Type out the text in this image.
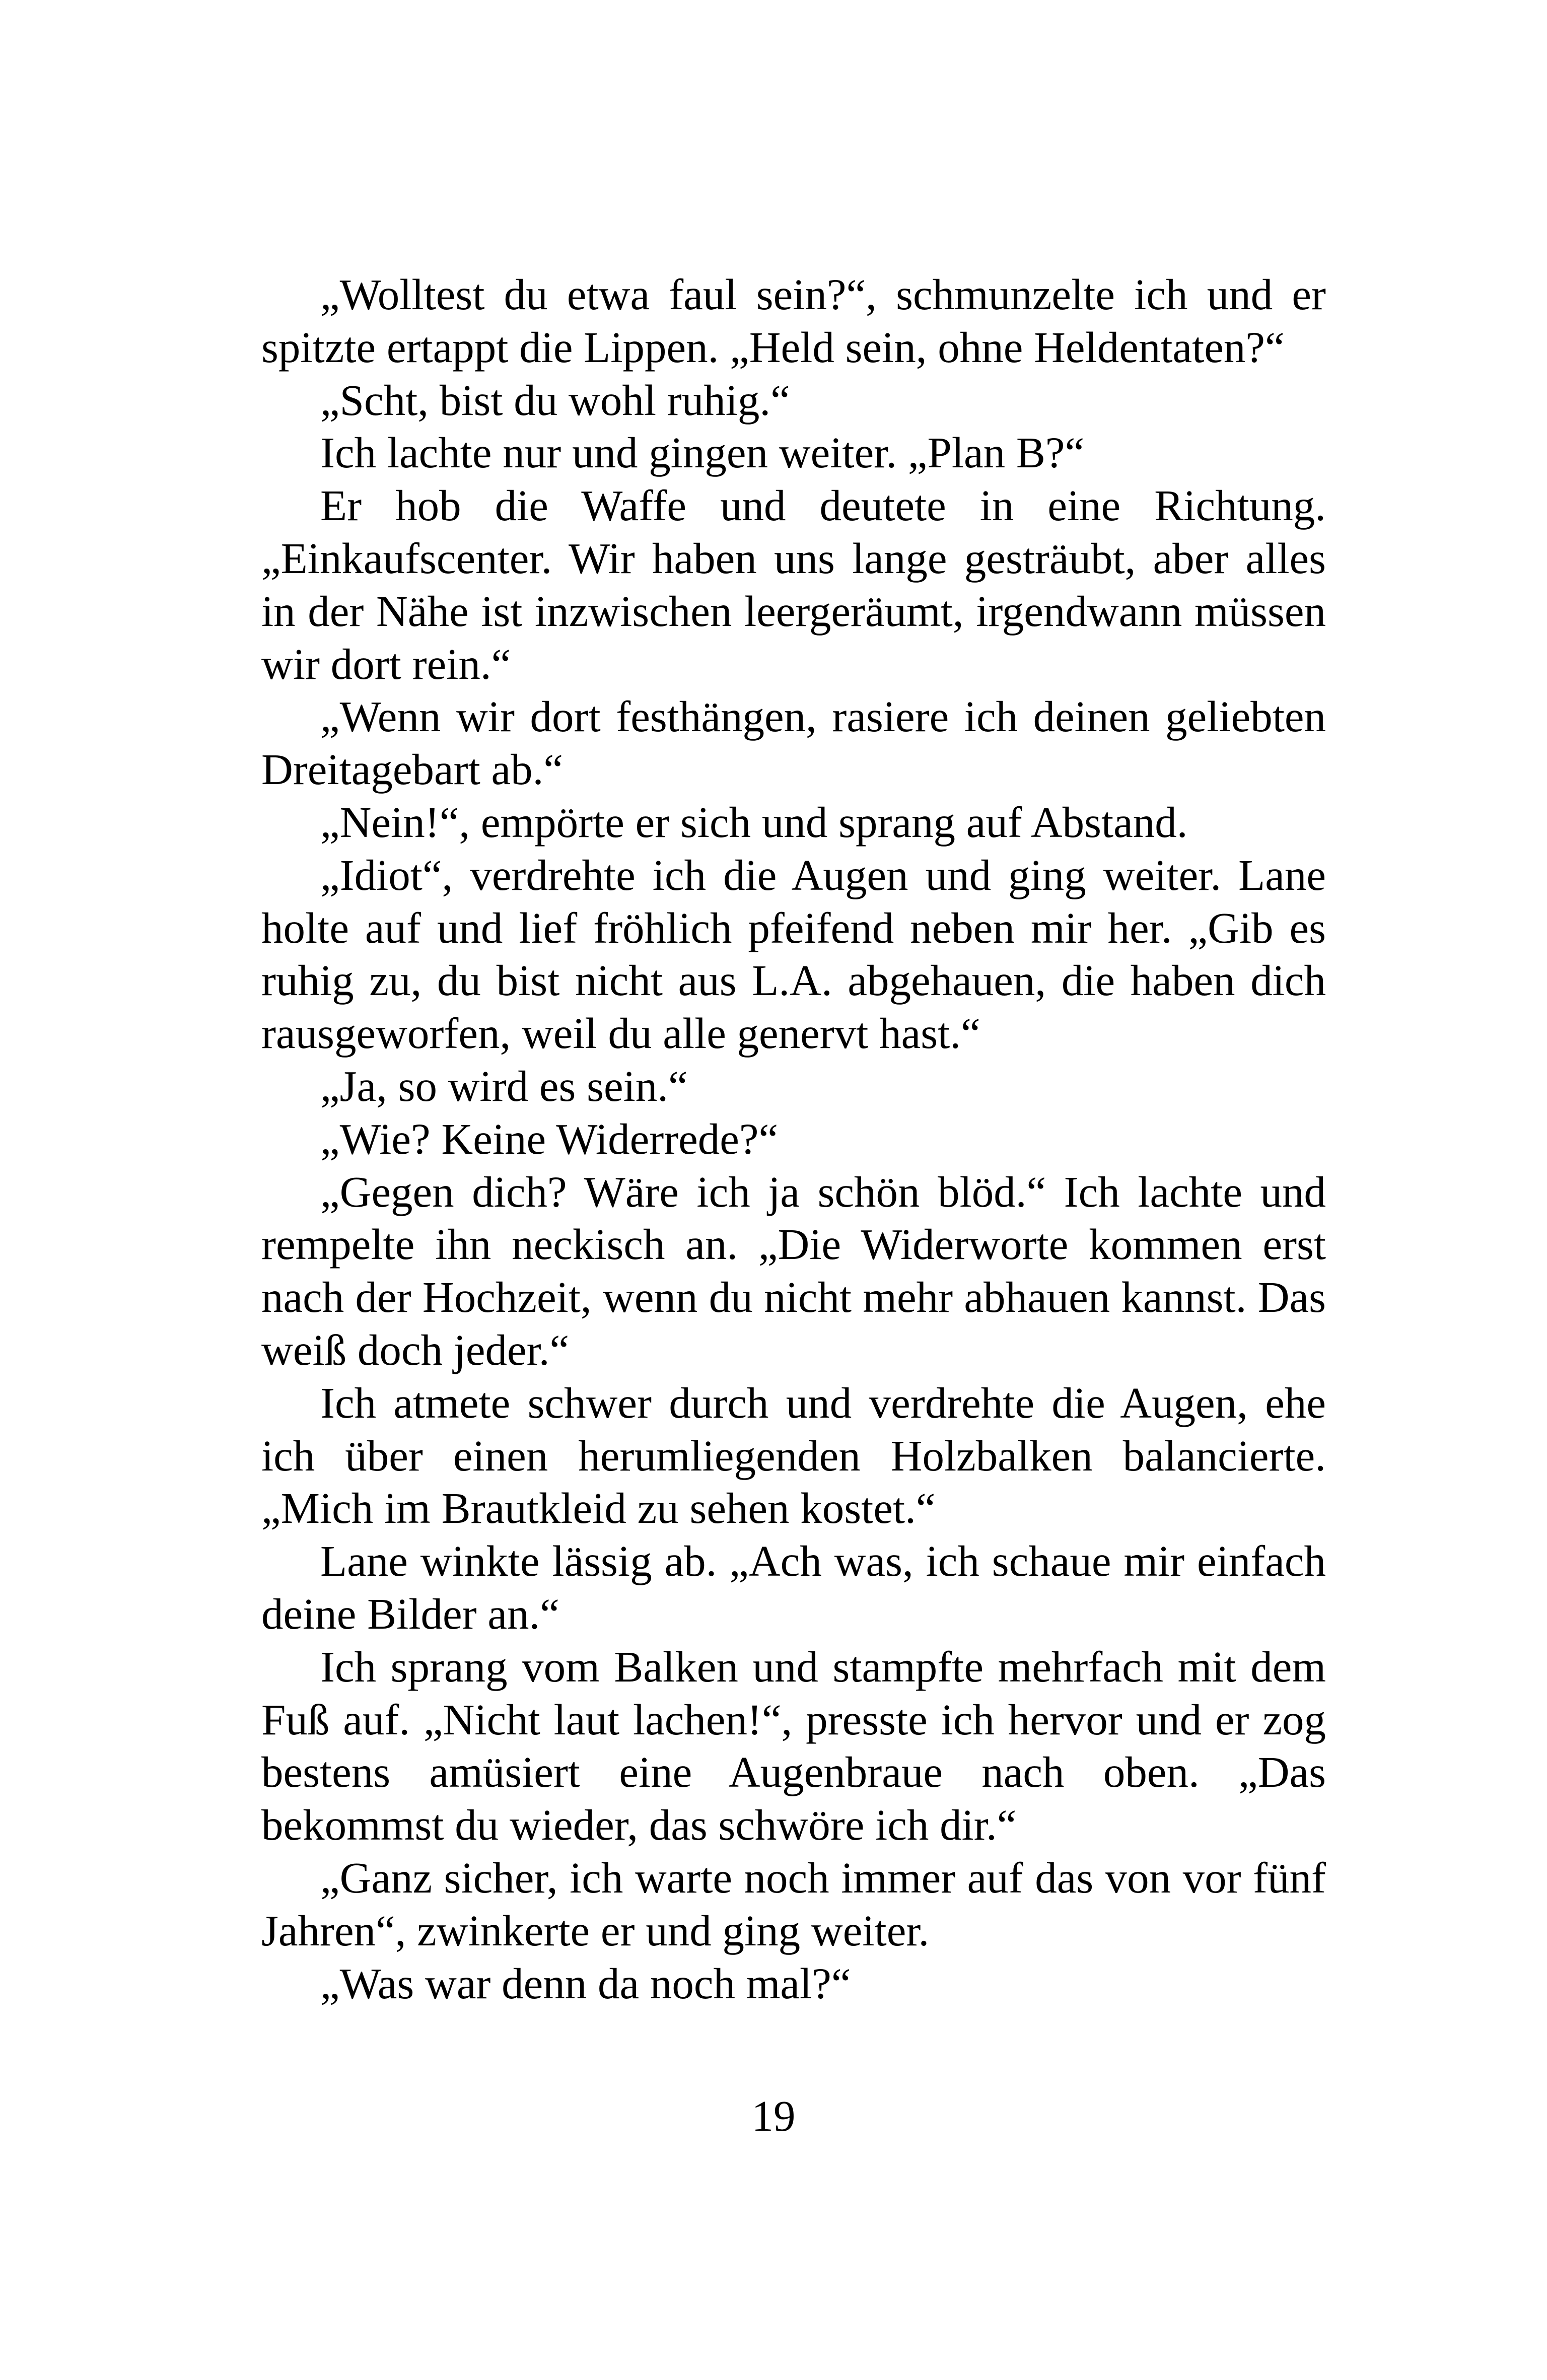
„Wolltest du etwa faul sein?“, schmunzelte ich und er spitzte ertappt die Lippen. „Held sein, ohne Heldentaten?“

„Scht, bist du wohl ruhig.“

Ich lachte nur und gingen weiter. „Plan B?“

Er hob die Waffe und deutete in eine Richtung. „Einkaufscenter. Wir haben uns lange gesträubt, aber alles in der Nähe ist inzwischen leergeräumt, irgendwann müssen wir dort rein.“

„Wenn wir dort festhängen, rasiere ich deinen geliebten Dreitagebart ab.“

„Nein!“, empörte er sich und sprang auf Abstand.

„Idiot“, verdrehte ich die Augen und ging weiter. Lane holte auf und lief fröhlich pfeifend neben mir her. „Gib es ruhig zu, du bist nicht aus L.A. abgehauen, die haben dich rausgeworfen, weil du alle genervt hast.“

„Ja, so wird es sein.“

„Wie? Keine Widerrede?“

„Gegen dich? Wäre ich ja schön blöd.“ Ich lachte und rempelte ihn neckisch an. „Die Widerworte kommen erst nach der Hochzeit, wenn du nicht mehr abhauen kannst. Das weiß doch jeder.“

Ich atmete schwer durch und verdrehte die Augen, ehe ich über einen herumliegenden Holzbalken balancierte. „Mich im Brautkleid zu sehen kostet.“

Lane winkte lässig ab. „Ach was, ich schaue mir einfach deine Bilder an.“

Ich sprang vom Balken und stampfte mehrfach mit dem Fuß auf. „Nicht laut lachen!“, presste ich hervor und er zog bestens amüsiert eine Augenbraue nach oben. „Das bekommst du wieder, das schwöre ich dir.“

„Ganz sicher, ich warte noch immer auf das von vor fünf Jahren“, zwinkerte er und ging weiter.

„Was war denn da noch mal?“

19
